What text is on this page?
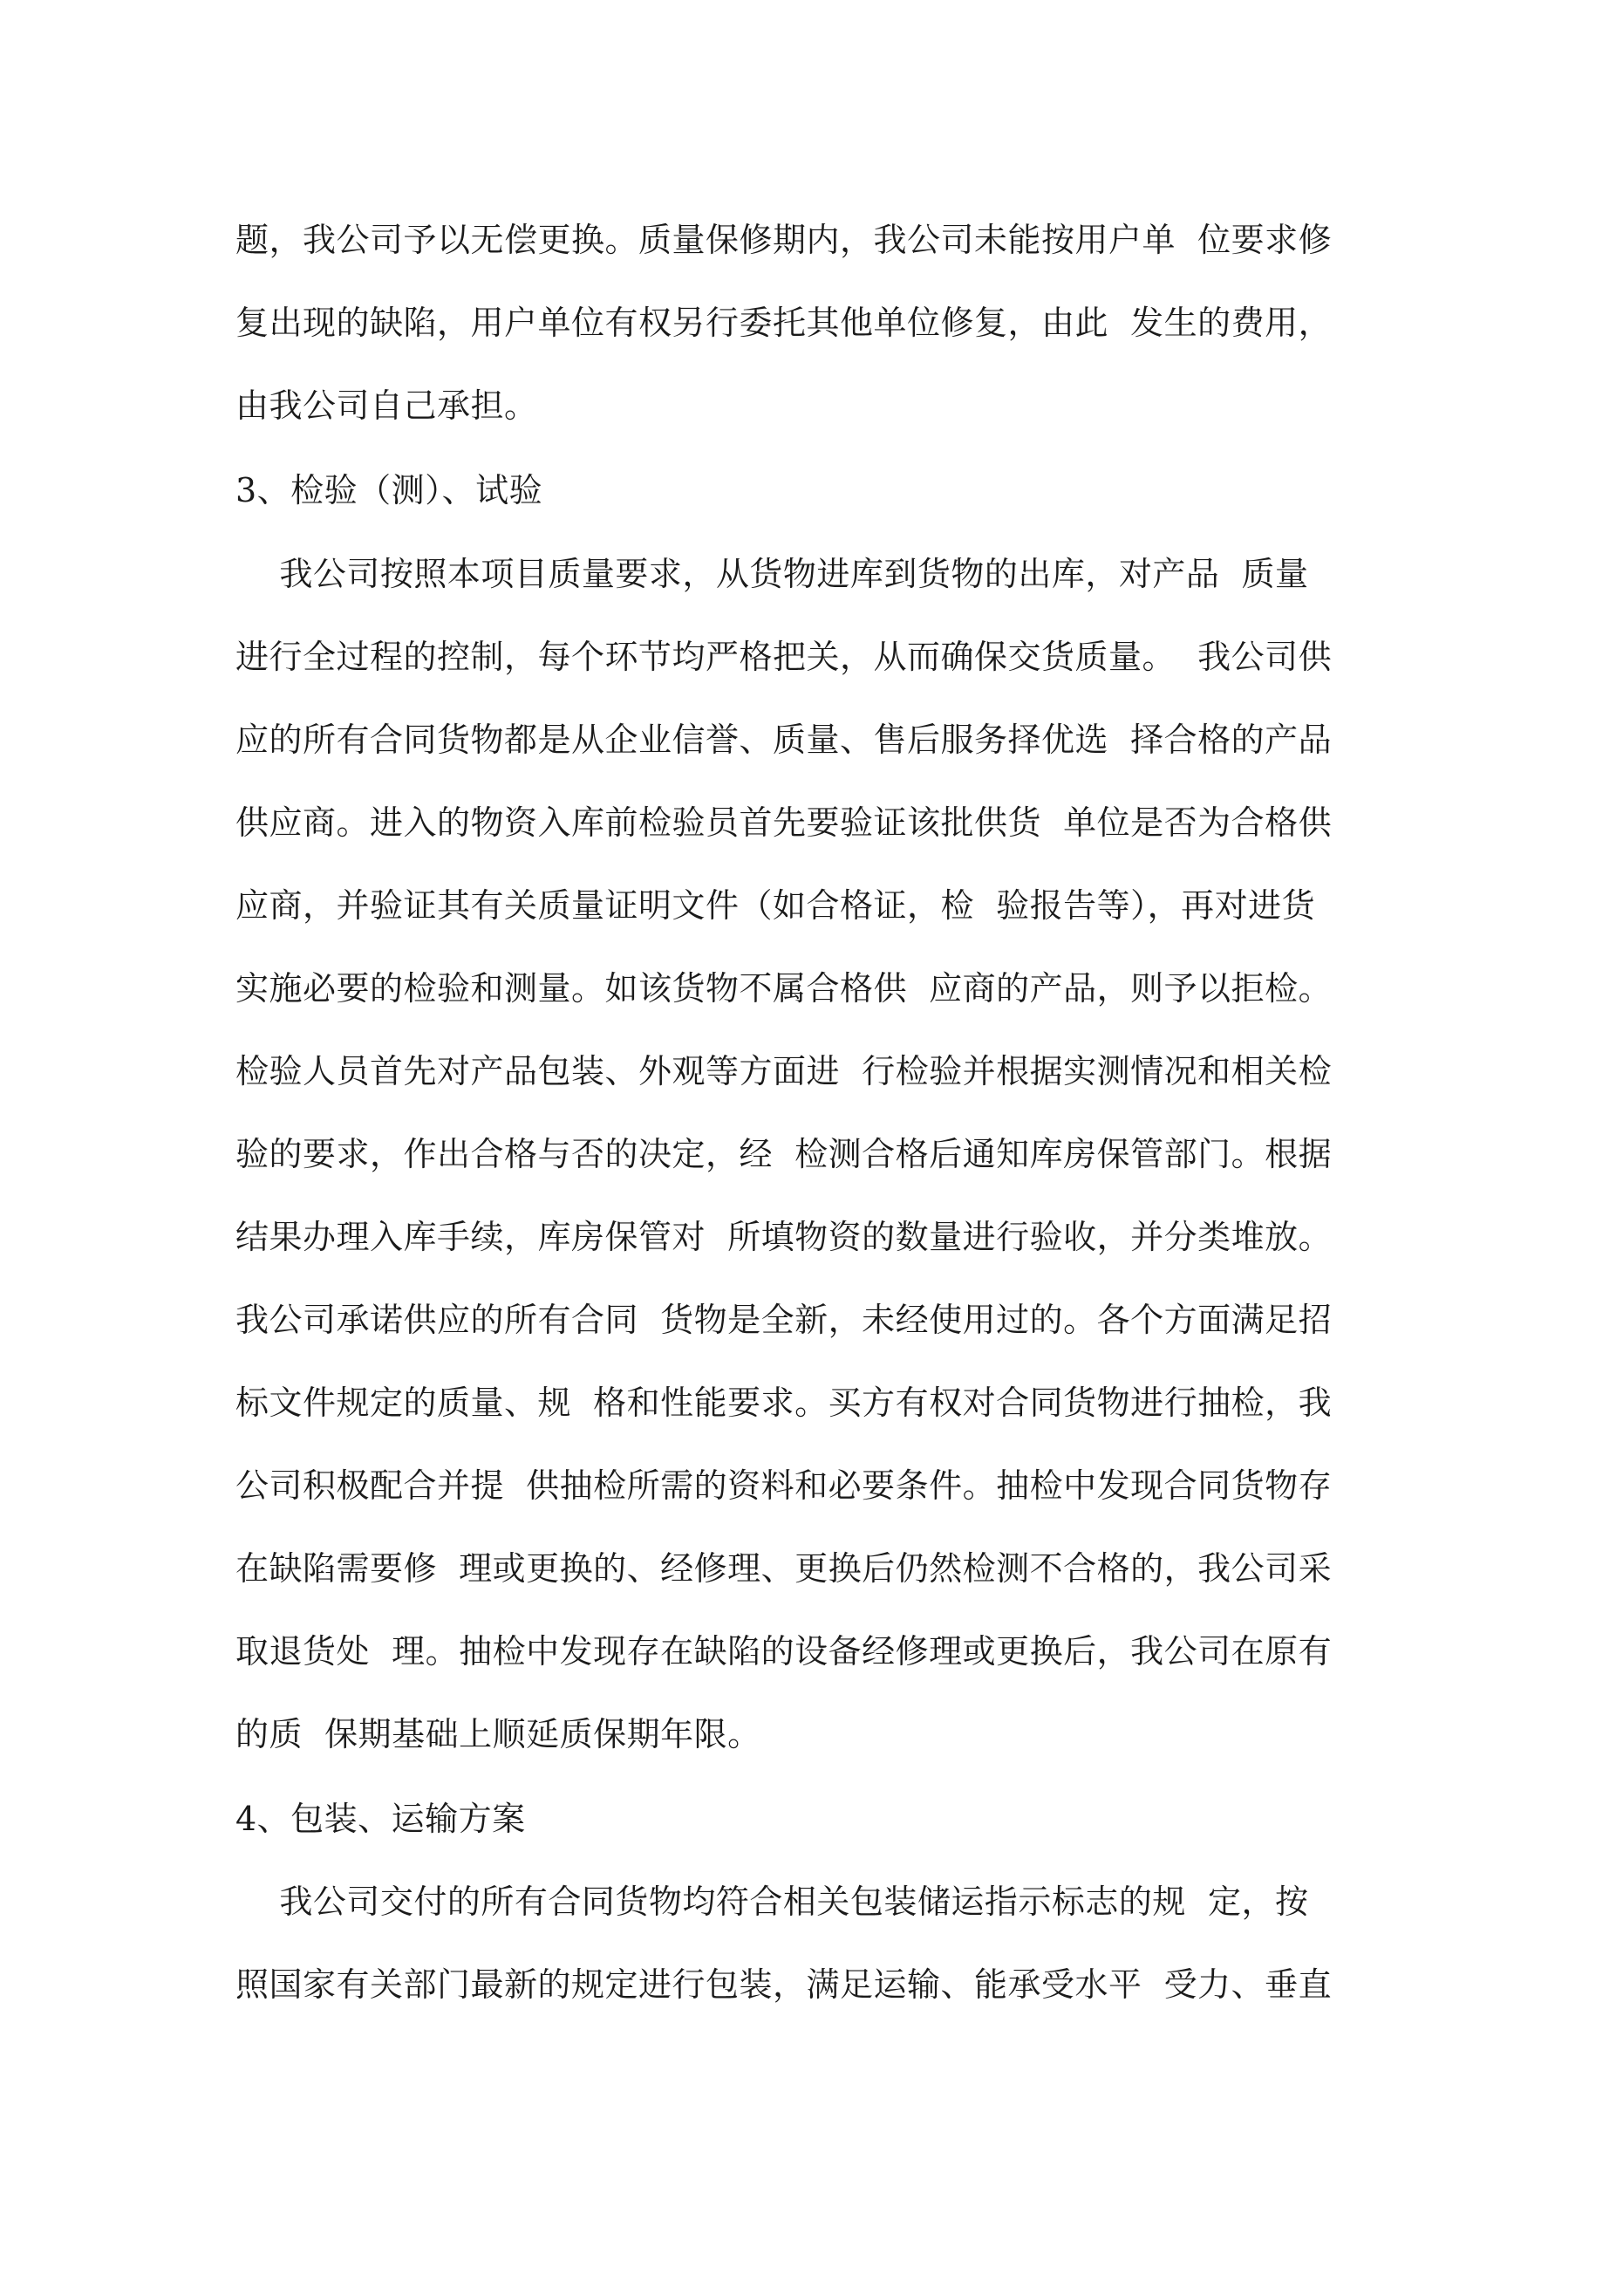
题，我公司予以无偿更换。质量保修期内，我公司未能按用户单  位要求修
复出现的缺陷，用户单位有权另行委托其他单位修复，由此  发生的费用，
由我公司自己承担。
3、检验（测）、试验
我公司按照本项目质量要求，从货物进库到货物的出库，对产品  质量
进行全过程的控制，每个环节均严格把关，从而确保交货质量。  我公司供
应的所有合同货物都是从企业信誉、质量、售后服务择优选  择合格的产品
供应商。进入的物资入库前检验员首先要验证该批供货  单位是否为合格供
应商，并验证其有关质量证明文件（如合格证，检  验报告等），再对进货
实施必要的检验和测量。如该货物不属合格供  应商的产品，则予以拒检。
检验人员首先对产品包装、外观等方面进  行检验并根据实测情况和相关检
验的要求，作出合格与否的决定，经  检测合格后通知库房保管部门。根据
结果办理入库手续，库房保管对  所填物资的数量进行验收，并分类堆放。
我公司承诺供应的所有合同  货物是全新，未经使用过的。各个方面满足招
标文件规定的质量、规  格和性能要求。买方有权对合同货物进行抽检，我
公司积极配合并提  供抽检所需的资料和必要条件。抽检中发现合同货物存
在缺陷需要修  理或更换的、经修理、更换后仍然检测不合格的，我公司采
取退货处  理。抽检中发现存在缺陷的设备经修理或更换后，我公司在原有
的质  保期基础上顺延质保期年限。
4、包装、运输方案
我公司交付的所有合同货物均符合相关包装储运指示标志的规  定，按
照国家有关部门最新的规定进行包装，满足运输、能承受水平  受力、垂直
